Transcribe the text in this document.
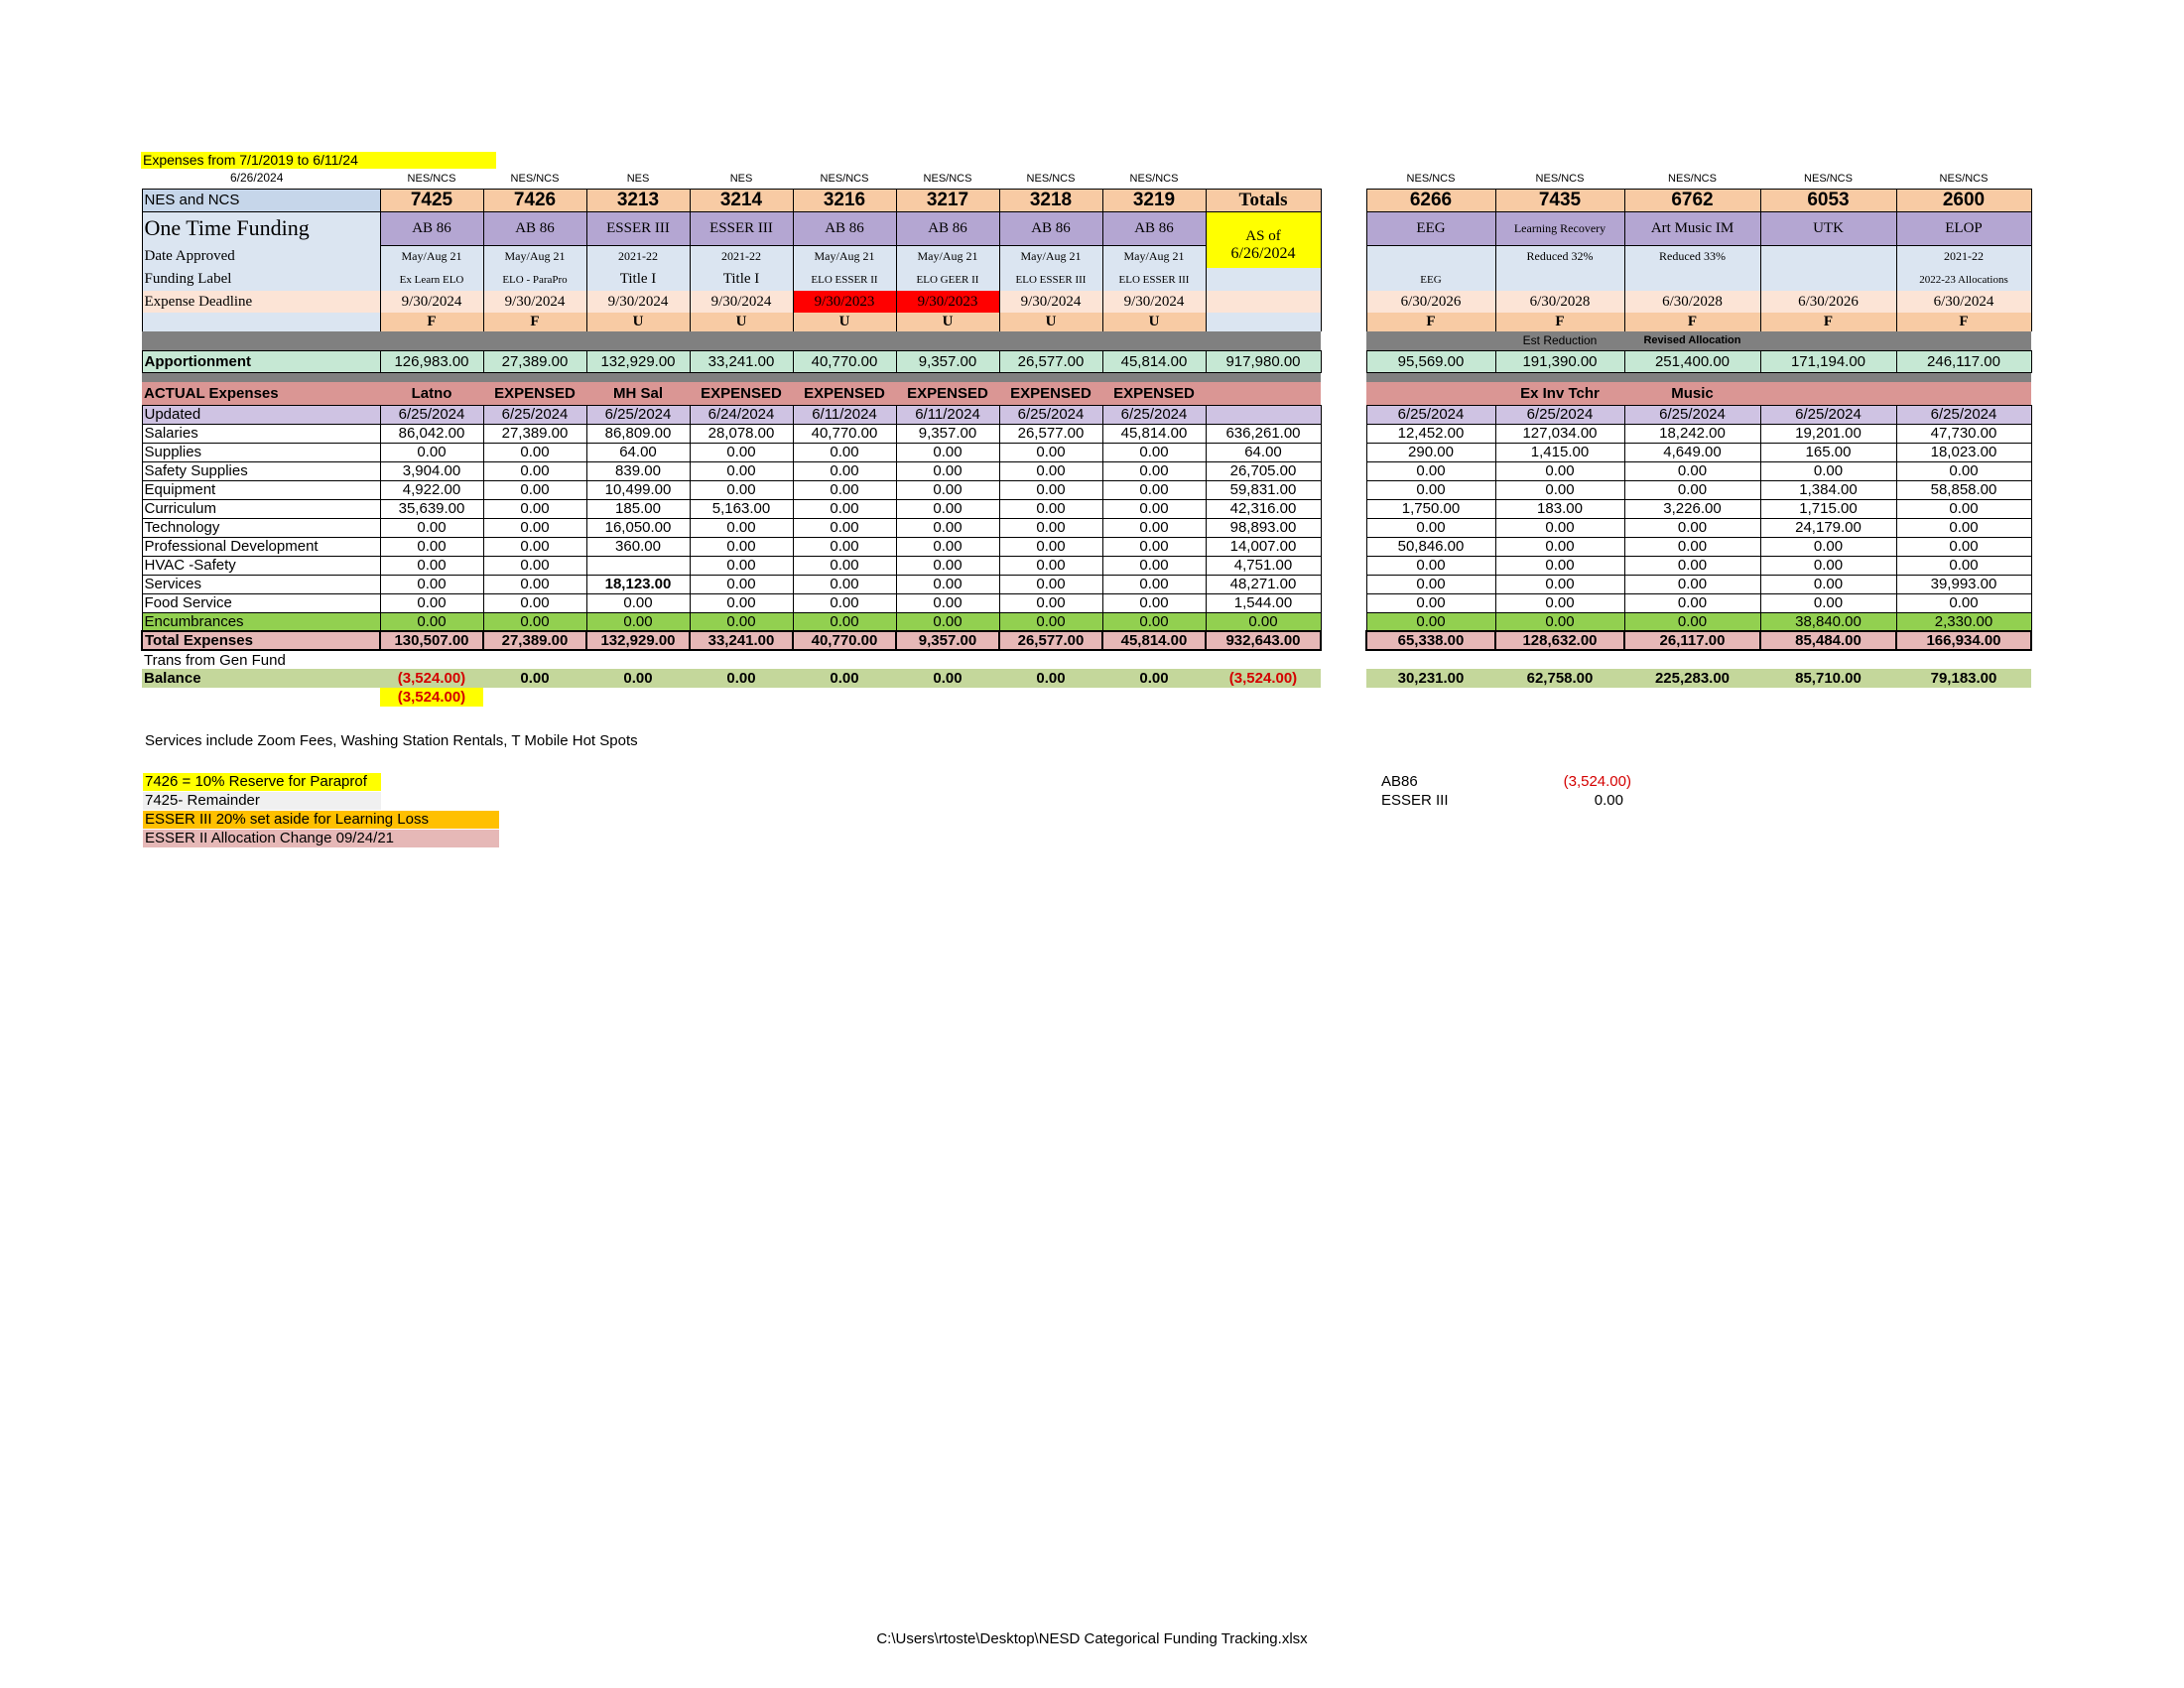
Expenses from 7/1/2019 to 6/11/24
6/26/2024
		NES/NCS	NES/NCS	NES	NES	NES/NCS	NES/NCS	NES/NCS	NES/NCS	
NES and NCS	7425	7426	3213	3214	3216	3217	3218	3219	Totals
One Time Funding	AB 86	AB 86	ESSER III	ESSER III	AB 86	AB 86	AB 86	AB 86	AS of
Date Approved	May/Aug 21	May/Aug 21	2021-22	2021-22	May/Aug 21	May/Aug 21	May/Aug 21	May/Aug 21	6/26/2024
Funding Label	Ex Learn ELO	ELO - ParaPro	Title I	Title I	ELO ESSER II	ELO GEER II	ELO ESSER III	ELO ESSER III	
Expense Deadline	9/30/2024	9/30/2024	9/30/2024	9/30/2024	9/30/2023	9/30/2023	9/30/2024	9/30/2024	
	F	F	U	U	U	U	U	U	

Apportionment	126,983.00	27,389.00	132,929.00	33,241.00	40,770.00	9,357.00	26,577.00	45,814.00	917,980.00

ACTUAL Expenses	Latno	EXPENSED	MH Sal	EXPENSED	EXPENSED	EXPENSED	EXPENSED	EXPENSED	
Updated	6/25/2024	6/25/2024	6/25/2024	6/24/2024	6/11/2024	6/11/2024	6/25/2024	6/25/2024	
Salaries	86,042.00	27,389.00	86,809.00	28,078.00	40,770.00	9,357.00	26,577.00	45,814.00	636,261.00
Supplies	0.00	0.00	64.00	0.00	0.00	0.00	0.00	0.00	64.00
Safety Supplies	3,904.00	0.00	839.00	0.00	0.00	0.00	0.00	0.00	26,705.00
Equipment	4,922.00	0.00	10,499.00	0.00	0.00	0.00	0.00	0.00	59,831.00
Curriculum	35,639.00	0.00	185.00	5,163.00	0.00	0.00	0.00	0.00	42,316.00
Technology	0.00	0.00	16,050.00	0.00	0.00	0.00	0.00	0.00	98,893.00
Professional Development	0.00	0.00	360.00	0.00	0.00	0.00	0.00	0.00	14,007.00
HVAC -Safety	0.00	0.00		0.00	0.00	0.00	0.00	0.00	4,751.00
Services	0.00	0.00	18,123.00	0.00	0.00	0.00	0.00	0.00	48,271.00
Food Service	0.00	0.00	0.00	0.00	0.00	0.00	0.00	0.00	1,544.00
Encumbrances	0.00	0.00	0.00	0.00	0.00	0.00	0.00	0.00	0.00
Total Expenses	130,507.00	27,389.00	132,929.00	33,241.00	40,770.00	9,357.00	26,577.00	45,814.00	932,643.00
Trans from Gen Fund									
Balance	(3,524.00)	0.00	0.00	0.00	0.00	0.00	0.00	0.00	(3,524.00)
	(3,524.00)								
NES/NCS	NES/NCS	NES/NCS	NES/NCS	NES/NCS
6266	7435	6762	6053	2600
EEG	Learning Recovery	Art Music IM	UTK	ELOP
	Reduced 32%	Reduced 33%		2021-22
EEG				2022-23 Allocations
6/30/2026	6/30/2028	6/30/2028	6/30/2026	6/30/2024
F	F	F	F	F
	Est Reduction	Revised Allocation		
95,569.00	191,390.00	251,400.00	171,194.00	246,117.00

	Ex Inv Tchr	Music		
6/25/2024	6/25/2024	6/25/2024	6/25/2024	6/25/2024
12,452.00	127,034.00	18,242.00	19,201.00	47,730.00
290.00	1,415.00	4,649.00	165.00	18,023.00
0.00	0.00	0.00	0.00	0.00
0.00	0.00	0.00	1,384.00	58,858.00
1,750.00	183.00	3,226.00	1,715.00	0.00
0.00	0.00	0.00	24,179.00	0.00
50,846.00	0.00	0.00	0.00	0.00
0.00	0.00	0.00	0.00	0.00
0.00	0.00	0.00	0.00	39,993.00
0.00	0.00	0.00	0.00	0.00
0.00	0.00	0.00	38,840.00	2,330.00
65,338.00	128,632.00	26,117.00	85,484.00	166,934.00

30,231.00	62,758.00	225,283.00	85,710.00	79,183.00
Services include Zoom Fees, Washing Station Rentals, T Mobile Hot Spots
7426 = 10% Reserve for Paraprof
7425- Remainder
ESSER III 20% set aside for Learning Loss
ESSER II Allocation Change 09/24/21
AB86	(3,524.00)
ESSER III	0.00
C:\Users\rtoste\Desktop\NESD Categorical Funding Tracking.xlsx
